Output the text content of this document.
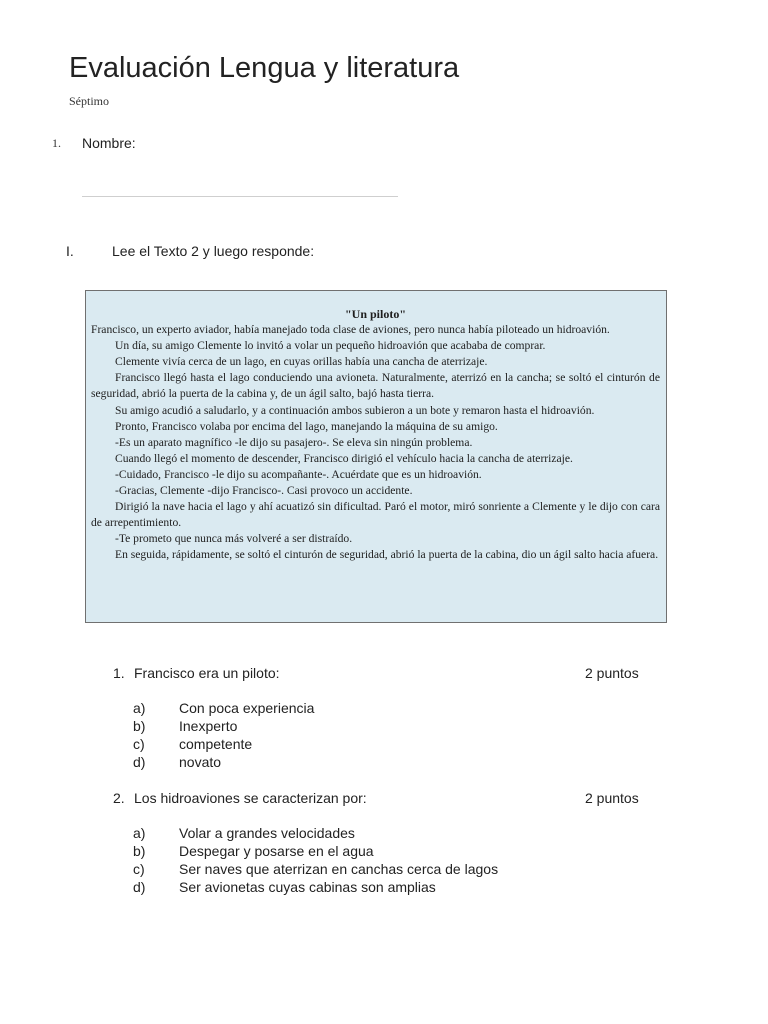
Evaluación Lengua y literatura
Séptimo
1. Nombre:
I.	Lee el Texto 2 y luego responde:
"Un piloto"

Francisco, un experto aviador, había manejado toda clase de aviones, pero nunca había piloteado un hidroavión.

Un día, su amigo Clemente lo invitó a volar un pequeño hidroavión que acababa de comprar.

Clemente vivía cerca de un lago, en cuyas orillas había una cancha de aterrizaje.

Francisco llegó hasta el lago conduciendo una avioneta. Naturalmente, aterrizó en la cancha; se soltó el cinturón de seguridad, abrió la puerta de la cabina y, de un ágil salto, bajó hasta tierra.

Su amigo acudió a saludarlo, y a continuación ambos subieron a un bote y remaron hasta el hidroavión.

Pronto, Francisco volaba por encima del lago, manejando la máquina de su amigo.

-Es un aparato magnífico -le dijo su pasajero-. Se eleva sin ningún problema.

Cuando llegó el momento de descender, Francisco dirigió el vehículo hacia la cancha de aterrizaje.

-Cuidado, Francisco -le dijo su acompañante-. Acuérdate que es un hidroavión.

-Gracias, Clemente -dijo Francisco-. Casi provoco un accidente.

Dirigió la nave hacia el lago y ahí acuatizó sin dificultad. Paró el motor, miró sonriente a Clemente y le dijo con cara de arrepentimiento.

-Te prometo que nunca más volveré a ser distraído.

En seguida, rápidamente, se soltó el cinturón de seguridad, abrió la puerta de la cabina, dio un ágil salto hacia afuera.

1. Francisco era un piloto:	2 puntos
a) Con poca experiencia
b) Inexperto
c) competente
d) novato
2. Los hidroaviones se caracterizan por:	2 puntos
a) Volar a grandes velocidades
b) Despegar y posarse en el agua
c) Ser naves que aterrizan en canchas cerca de lagos
d) Ser avionetas cuyas cabinas son amplias
